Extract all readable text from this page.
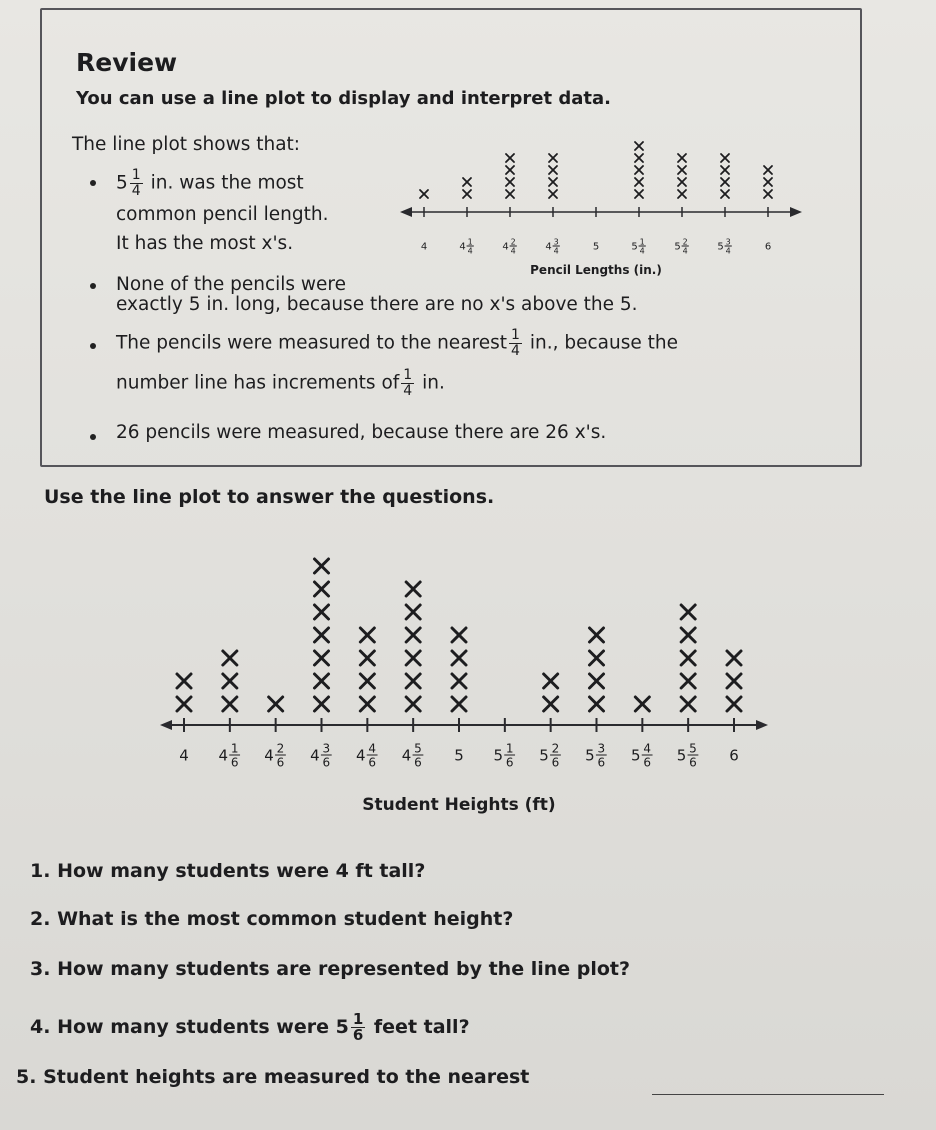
Review
You can use a line plot to display and interpret data.
The line plot shows that:
$5 \frac{1}{4}$ in. was the most
common pencil length.
It has the most x's.
None of the pencils were
exactly 5 in. long, because there are no x's above the 5.
The pencils were measured to the nearest $\frac{1}{4}$ in., because the
number line has increments of $\frac{1}{4}$ in.
26 pencils were measured, because there are 26 x's.
4	4 1
4	4 2
4	4 3
4	5	5 1
4	5 2
4	5 3
4	6
Pencil Lengths (in.)
Use the line plot to answer the questions.
4 4 1
6 4 2
6 4 3
6 4 4
6 4 5
6 5 5 1
6 5 2
6 5 3
6 5 4
6 5 5
6 6
Student Heights (ft)
1. How many students were 4 ft tall?
2. What is the most common student height?
3. How many students are represented by the line plot?
4. How many students were $5 \frac{1}{6}$ feet tall?
5. Student heights are measured to the nearest
